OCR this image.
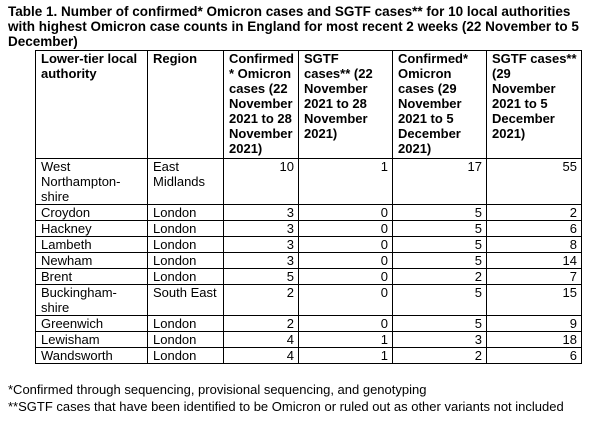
Table 1. Number of confirmed* Omicron cases and SGTF cases** for 10 local authorities with highest Omicron case counts in England for most recent 2 weeks (22 November to 5 December)

Lower-tier local authority	Region	Confirmed * Omicron cases (22 November 2021 to 28 November 2021)	SGTF cases** (22 November 2021 to 28 November 2021)	Confirmed* Omicron cases (29 November 2021 to 5 December 2021)	SGTF cases** (29 November 2021 to 5 December 2021)
West Northampton-shire	East Midlands	10	1	17	55
Croydon	London	3	0	5	2
Hackney	London	3	0	5	6
Lambeth	London	3	0	5	8
Newham	London	3	0	5	14
Brent	London	5	0	2	7
Buckingham-shire	South East	2	0	5	15
Greenwich	London	2	0	5	9
Lewisham	London	4	1	3	18
Wandsworth	London	4	1	2	6

*Confirmed through sequencing, provisional sequencing, and genotyping

**SGTF cases that have been identified to be Omicron or ruled out as other variants not included
